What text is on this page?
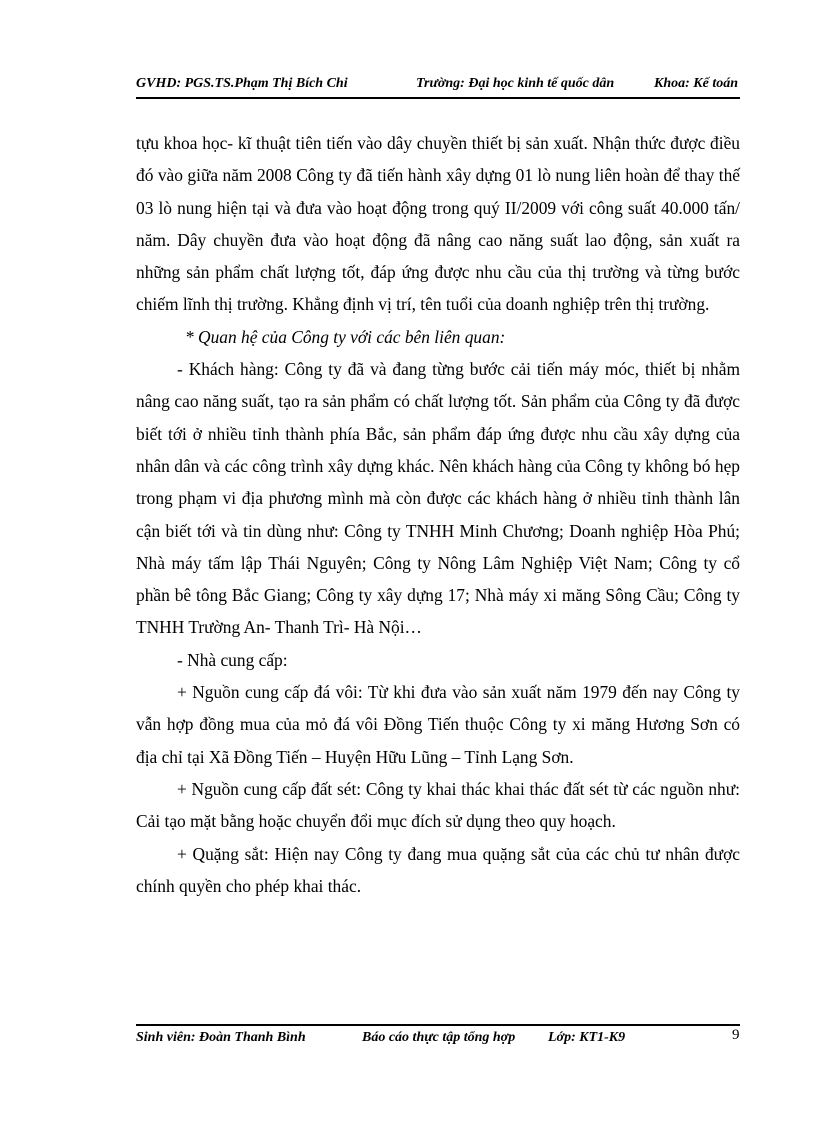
GVHD: PGS.TS.Phạm Thị Bích Chi	Trường: Đại học kinh tế quốc dân	Khoa: Kế toán

tựu khoa học- kĩ thuật tiên tiến vào dây chuyền thiết bị sản xuất. Nhận thức được điều đó vào giữa năm 2008 Công ty đã tiến hành xây dựng 01 lò nung liên hoàn để thay thế 03 lò nung hiện tại và đưa vào hoạt động trong quý II/2009 với công suất 40.000 tấn/ năm. Dây chuyền đưa vào hoạt động đã nâng cao năng suất lao động, sản xuất ra những sản phẩm chất lượng tốt, đáp ứng được nhu cầu của thị trường và từng bước chiếm lĩnh thị trường. Khẳng định vị trí, tên tuổi của doanh nghiệp trên thị trường.

* Quan hệ của Công ty với các bên liên quan:

- Khách hàng: Công ty đã và đang từng bước cải tiến máy móc, thiết bị nhằm nâng cao năng suất, tạo ra sản phẩm có chất lượng tốt. Sản phẩm của Công ty đã được biết tới ở nhiều tỉnh thành phía Bắc, sản phẩm đáp ứng được nhu cầu xây dựng của nhân dân và các công trình xây dựng khác. Nên khách hàng của Công ty không bó hẹp trong phạm vi địa phương mình mà còn được các khách hàng ở nhiều tỉnh thành lân cận biết tới và tin dùng như: Công ty TNHH Minh Chương; Doanh nghiệp Hòa Phú; Nhà máy tấm lập Thái Nguyên; Công ty Nông Lâm Nghiệp Việt Nam; Công ty cổ phần bê tông Bắc Giang; Công ty xây dựng 17; Nhà máy xi măng Sông Cầu; Công ty TNHH Trường An- Thanh Trì- Hà Nội…

- Nhà cung cấp:

+ Nguồn cung cấp đá vôi: Từ khi đưa vào sản xuất năm 1979 đến nay Công ty vẫn hợp đồng mua của mỏ đá vôi Đồng Tiến thuộc Công ty xi măng Hương Sơn có địa chỉ tại Xã Đồng Tiến – Huyện Hữu Lũng – Tỉnh Lạng Sơn.

+ Nguồn cung cấp đất sét: Công ty khai thác khai thác đất sét từ các nguồn như: Cải tạo mặt bằng hoặc chuyển đổi mục đích sử dụng theo quy hoạch.

+ Quặng sắt: Hiện nay Công ty đang mua quặng sắt của các chủ tư nhân được chính quyền cho phép khai thác.

Sinh viên: Đoàn Thanh Bình	Báo cáo thực tập tổng hợp Lớp: KT1-K9	9
